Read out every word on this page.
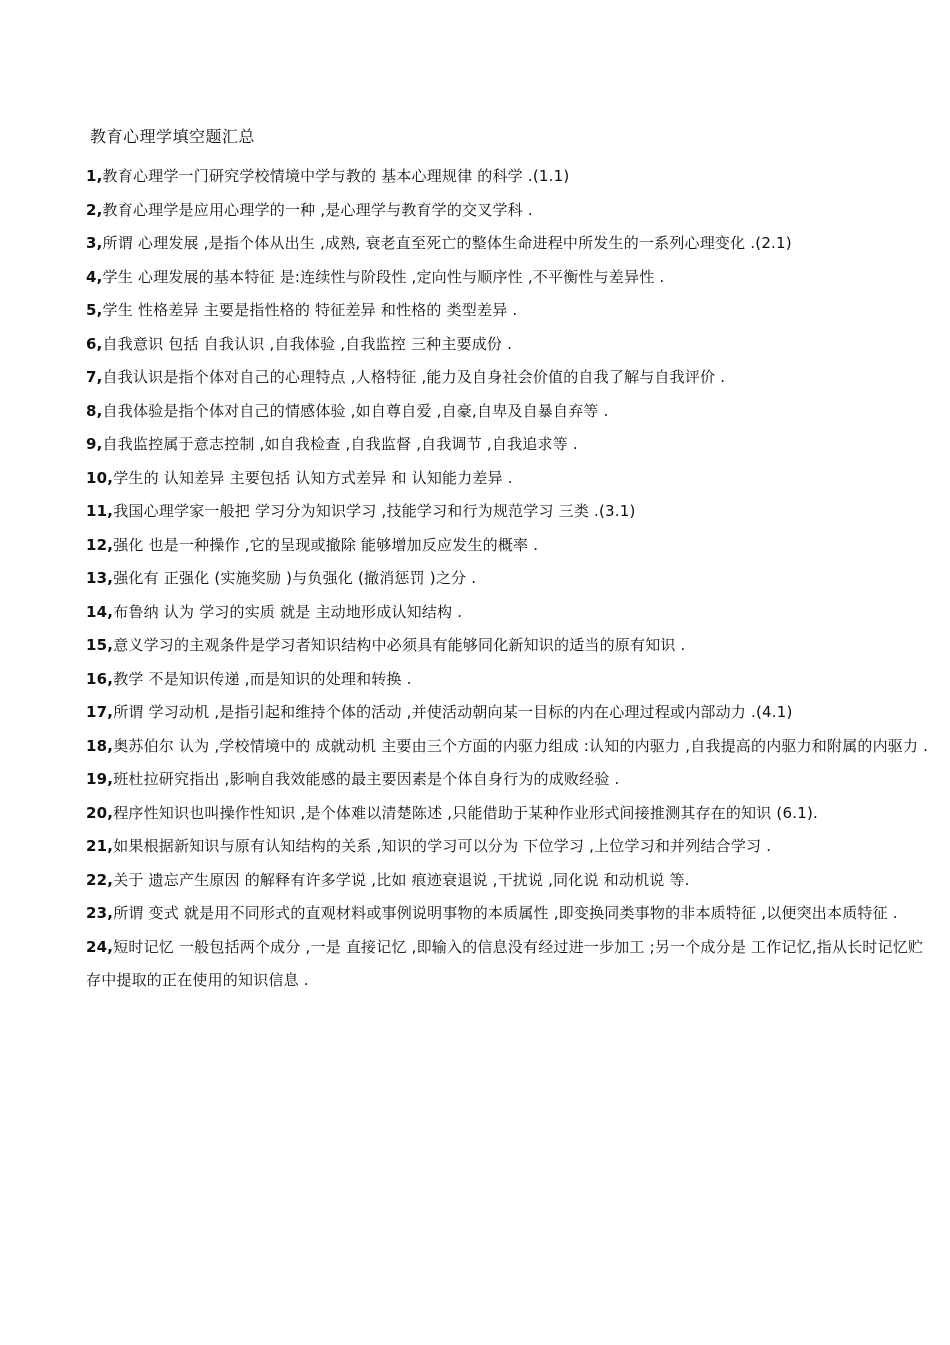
教育心理学填空题汇总
1,教育心理学一门研究学校情境中学与教的 基本心理规律 的科学 .(1.1)
2,教育心理学是应用心理学的一种 ,是心理学与教育学的交叉学科 .
3,所谓 心理发展 ,是指个体从出生 ,成熟, 衰老直至死亡的整体生命进程中所发生的一系列心理变化 .(2.1)
4,学生 心理发展的基本特征 是:连续性与阶段性 ,定向性与顺序性 ,不平衡性与差异性 .
5,学生 性格差异 主要是指性格的 特征差异 和性格的 类型差异 .
6,自我意识 包括 自我认识 ,自我体验 ,自我监控 三种主要成份 .
7,自我认识是指个体对自己的心理特点 ,人格特征 ,能力及自身社会价值的自我了解与自我评价 .
8,自我体验是指个体对自己的情感体验 ,如自尊自爱 ,自豪,自卑及自暴自弃等 .
9,自我监控属于意志控制 ,如自我检查 ,自我监督 ,自我调节 ,自我追求等 .
10,学生的 认知差异 主要包括 认知方式差异 和 认知能力差异 .
11,我国心理学家一般把 学习分为知识学习 ,技能学习和行为规范学习 三类 .(3.1)
12,强化 也是一种操作 ,它的呈现或撤除 能够增加反应发生的概率 .
13,强化有 正强化 (实施奖励 )与负强化 (撤消惩罚 )之分 .
14,布鲁纳 认为 学习的实质 就是 主动地形成认知结构 .
15,意义学习的主观条件是学习者知识结构中必须具有能够同化新知识的适当的原有知识 .
16,教学 不是知识传递 ,而是知识的处理和转换 .
17,所谓 学习动机 ,是指引起和维持个体的活动 ,并使活动朝向某一目标的内在心理过程或内部动力 .(4.1)
18,奥苏伯尔 认为 ,学校情境中的 成就动机 主要由三个方面的内驱力组成 :认知的内驱力 ,自我提高的内驱力和附属的内驱力 .
19,班杜拉研究指出 ,影响自我效能感的最主要因素是个体自身行为的成败经验 .
20,程序性知识也叫操作性知识 ,是个体难以清楚陈述 ,只能借助于某种作业形式间接推测其存在的知识 (6.1).
21,如果根据新知识与原有认知结构的关系 ,知识的学习可以分为 下位学习 ,上位学习和并列结合学习 .
22,关于 遗忘产生原因 的解释有许多学说 ,比如 痕迹衰退说 ,干扰说 ,同化说 和动机说 等.
23,所谓 变式 就是用不同形式的直观材料或事例说明事物的本质属性 ,即变换同类事物的非本质特征 ,以便突出本质特征 .
24,短时记忆 一般包括两个成分 ,一是 直接记忆 ,即输入的信息没有经过进一步加工 ;另一个成分是 工作记忆,指从长时记忆贮存中提取的正在使用的知识信息 .
